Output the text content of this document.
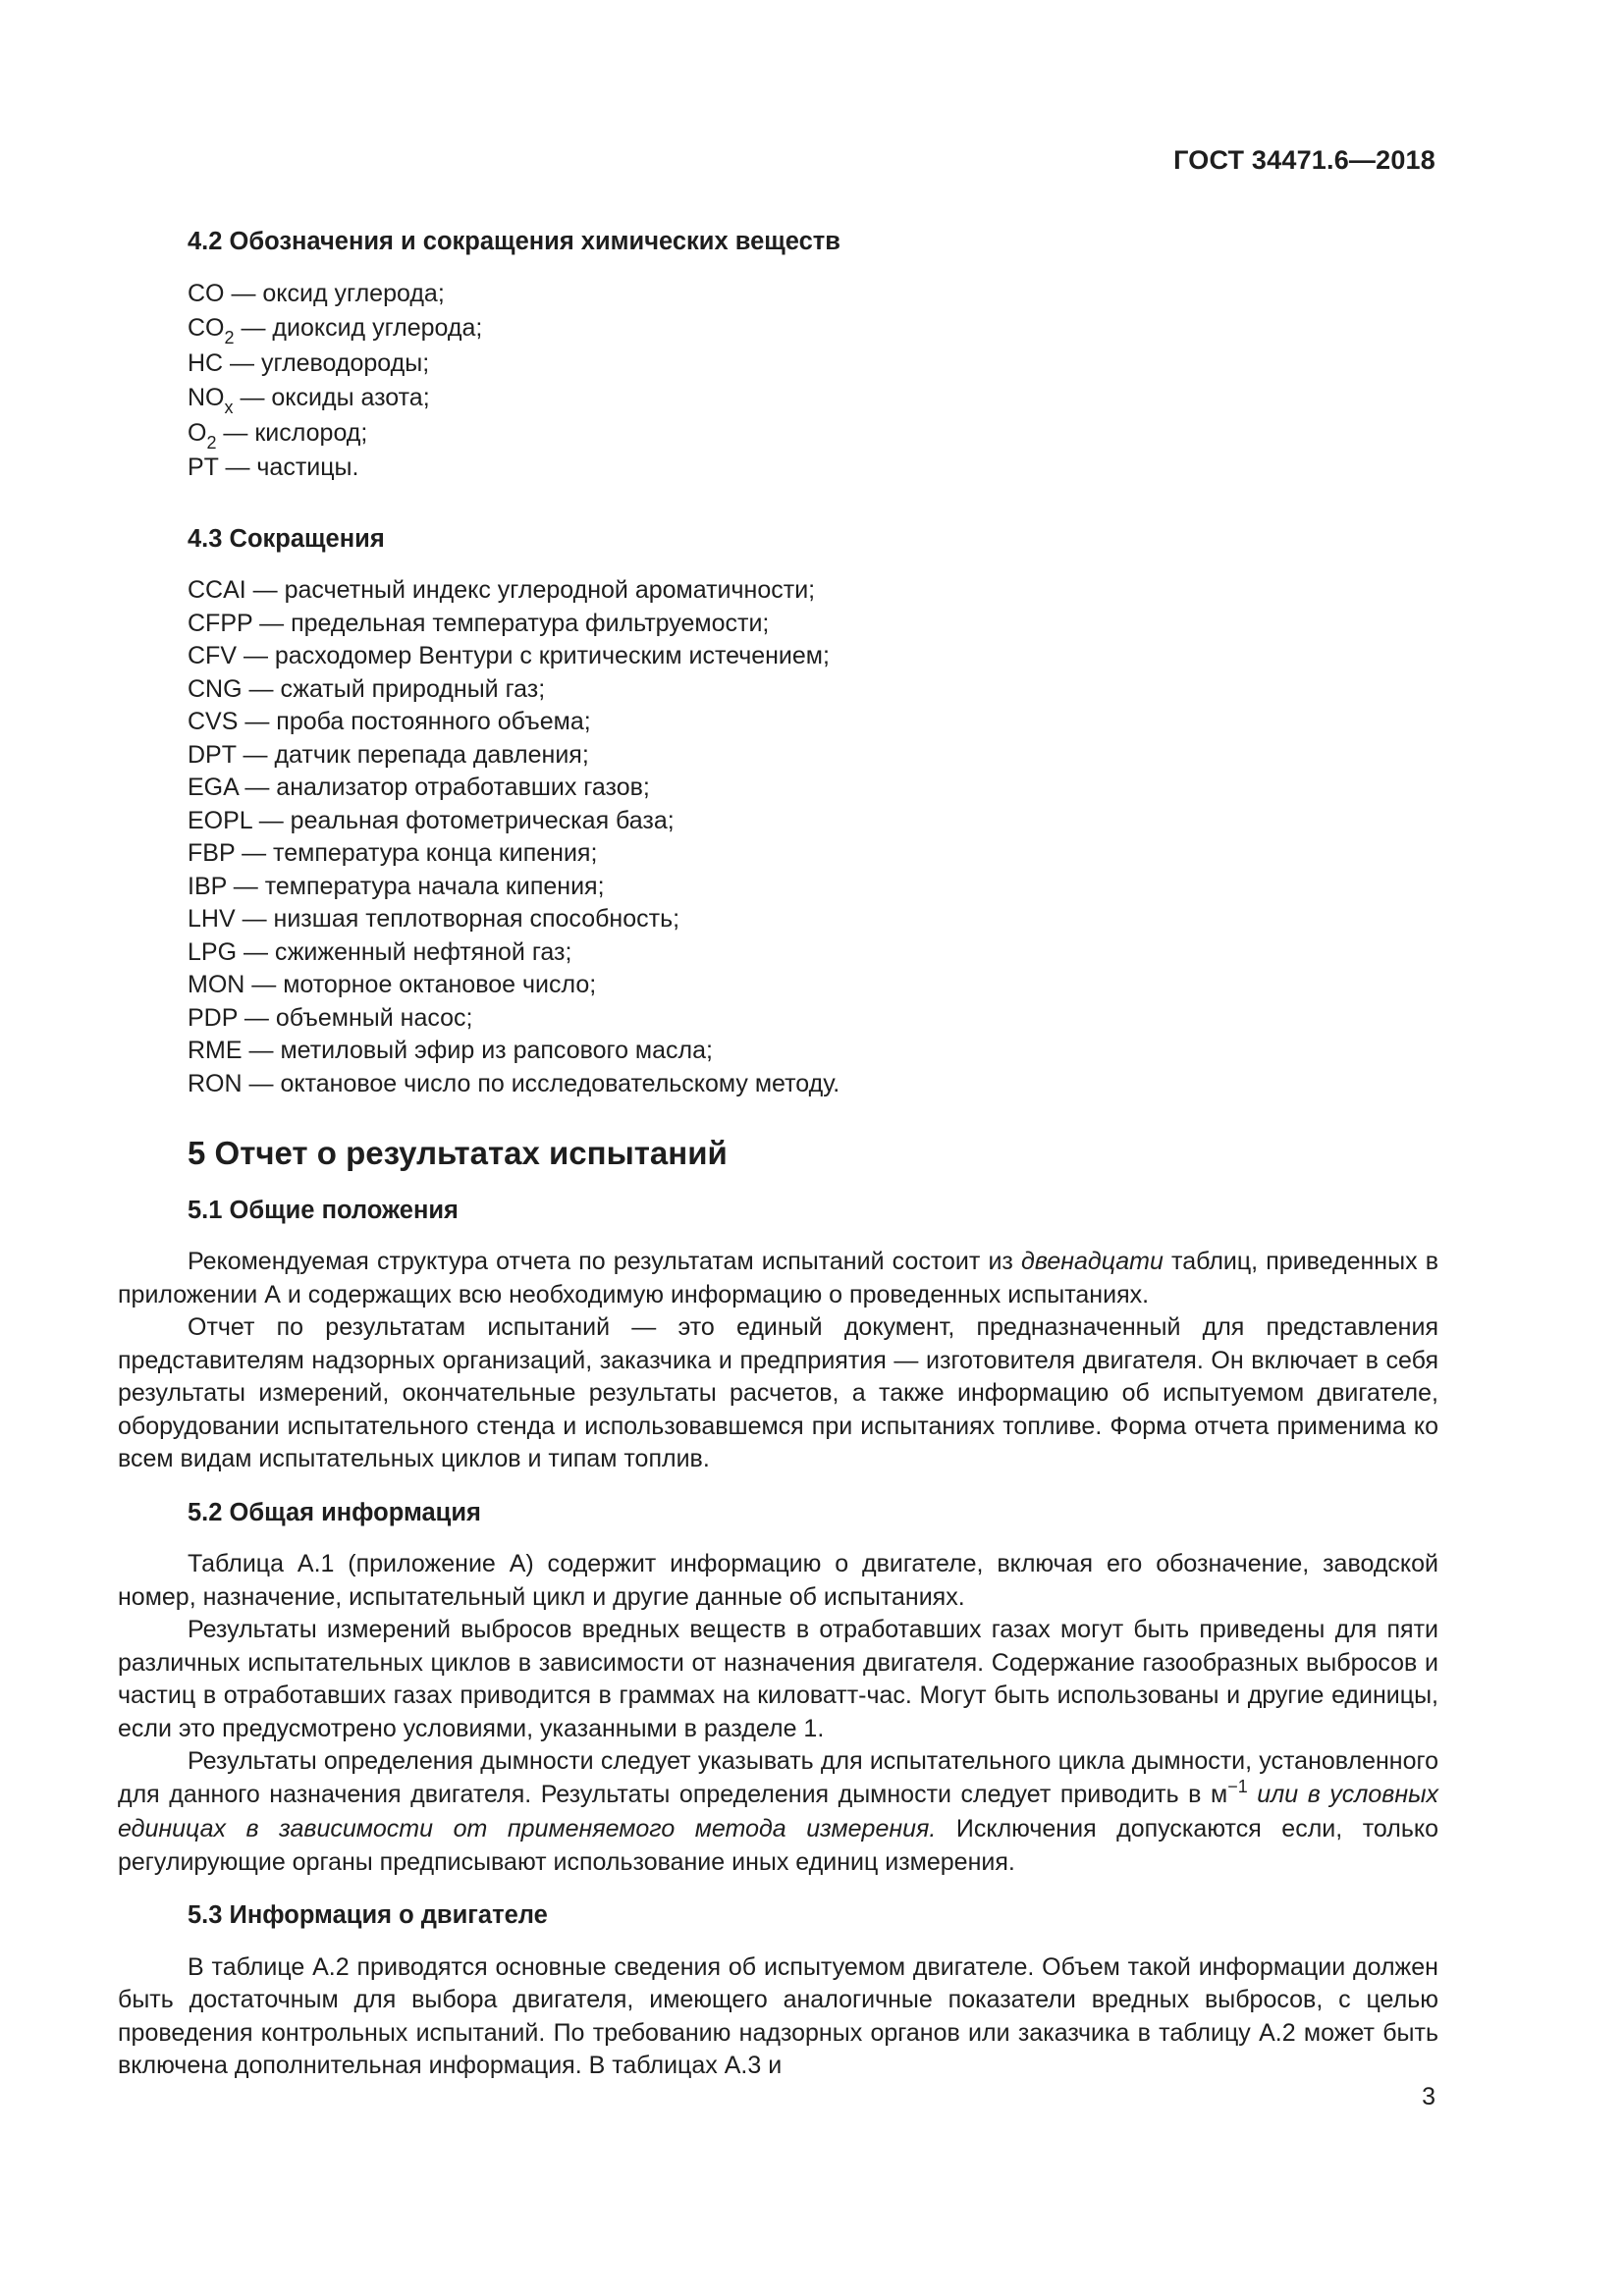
ГОСТ 34471.6—2018
4.2 Обозначения и сокращения химических веществ
CO — оксид углерода;
$CO_2$ — диоксид углерода;
HC — углеводороды;
$NO_x$ — оксиды азота;
$O_2$ — кислород;
PT — частицы.
4.3 Сокращения
CCAI — расчетный индекс углеродной ароматичности;
CFPP — предельная температура фильтруемости;
CFV — расходомер Вентури с критическим истечением;
CNG — сжатый природный газ;
CVS — проба постоянного объема;
DPT — датчик перепада давления;
EGA — анализатор отработавших газов;
EOPL — реальная фотометрическая база;
FBP — температура конца кипения;
IBP — температура начала кипения;
LHV — низшая теплотворная способность;
LPG — сжиженный нефтяной газ;
MON — моторное октановое число;
PDP — объемный насос;
RME — метиловый эфир из рапсового масла;
RON — октановое число по исследовательскому методу.
5 Отчет о результатах испытаний
5.1 Общие положения

Рекомендуемая структура отчета по результатам испытаний состоит из двенадцати таблиц, приведенных в приложении А и содержащих всю необходимую информацию о проведенных испытаниях.

Отчет по результатам испытаний — это единый документ, предназначенный для представления представителям надзорных организаций, заказчика и предприятия — изготовителя двигателя. Он включает в себя результаты измерений, окончательные результаты расчетов, а также информацию об испытуемом двигателе, оборудовании испытательного стенда и использовавшемся при испытаниях топливе. Форма отчета применима ко всем видам испытательных циклов и типам топлив.

5.2 Общая информация

Таблица А.1 (приложение А) содержит информацию о двигателе, включая его обозначение, заводской номер, назначение, испытательный цикл и другие данные об испытаниях.

Результаты измерений выбросов вредных веществ в отработавших газах могут быть приведены для пяти различных испытательных циклов в зависимости от назначения двигателя. Содержание газообразных выбросов и частиц в отработавших газах приводится в граммах на киловатт-час. Могут быть использованы и другие единицы, если это предусмотрено условиями, указанными в разделе 1.

Результаты определения дымности следует указывать для испытательного цикла дымности, установленного для данного назначения двигателя. Результаты определения дымности следует приводить в $м^{-1}$ или в условных единицах в зависимости от применяемого метода измерения. Исключения допускаются если, только регулирующие органы предписывают использование иных единиц измерения.

5.3 Информация о двигателе

В таблице А.2 приводятся основные сведения об испытуемом двигателе. Объем такой информации должен быть достаточным для выбора двигателя, имеющего аналогичные показатели вредных выбросов, с целью проведения контрольных испытаний. По требованию надзорных органов или заказчика в таблицу А.2 может быть включена дополнительная информация. В таблицах А.3 и

3
